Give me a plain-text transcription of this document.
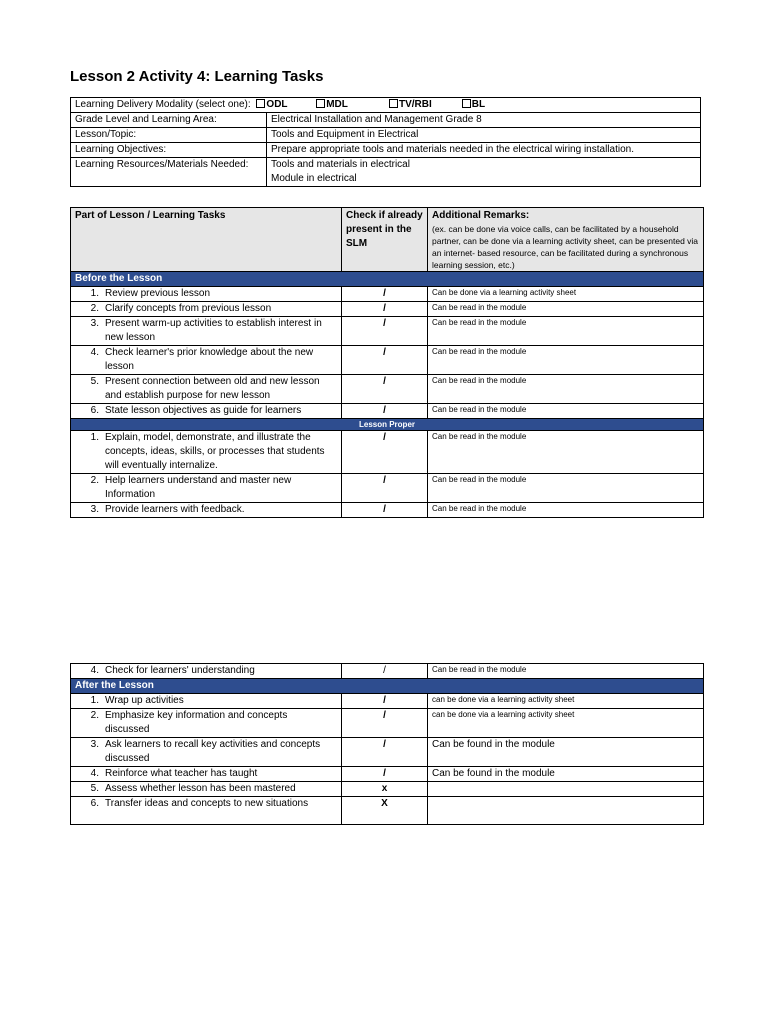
Lesson 2 Activity 4: Learning Tasks
Learning Delivery Modality (select one): ODL MDL TV/RBI BL	
Grade Level and Learning Area:	Electrical Installation and Management Grade 8
Lesson/Topic:	Tools and Equipment in Electrical
Learning Objectives:	Prepare appropriate tools and materials needed in the electrical wiring installation.
Learning Resources/Materials Needed:	Tools and materials in electrical
Module in electrical
Part of Lesson / Learning Tasks	Check if already present in the SLM	Additional Remarks:
(ex. can be done via voice calls, can be facilitated by a household partner, can be done via a learning activity sheet, can be presented via an internet- based resource, can be facilitated during a synchronous learning session, etc.)

Before the Lesson		
1. Review previous lesson	/	Can be done via a learning activity sheet
2. Clarify concepts from previous lesson	/	Can be read in the module
3. Present warm-up activities to establish interest in new lesson	/	Can be read in the module
4. Check learner's prior knowledge about the new lesson	/	Can be read in the module
5. Present connection between old and new lesson and establish purpose for new lesson	/	Can be read in the module
6. State lesson objectives as guide for learners	/	Can be read in the module
Lesson Proper		
1. Explain, model, demonstrate, and illustrate the concepts, ideas, skills, or processes that students will eventually internalize.	/	Can be read in the module
2. Help learners understand and master new Information	/	Can be read in the module
3. Provide learners with feedback.	/	Can be read in the module
4. Check for learners' understanding	/	Can be read in the module
After the Lesson		
1. Wrap up activities	/	can be done via a learning activity sheet
2. Emphasize key information and concepts discussed	/	can be done via a learning activity sheet
3. Ask learners to recall key activities and concepts discussed	/	Can be found in the module
4. Reinforce what teacher has taught	/	Can be found in the module
5. Assess whether lesson has been mastered	x	
6. Transfer ideas and concepts to new situations	X	
